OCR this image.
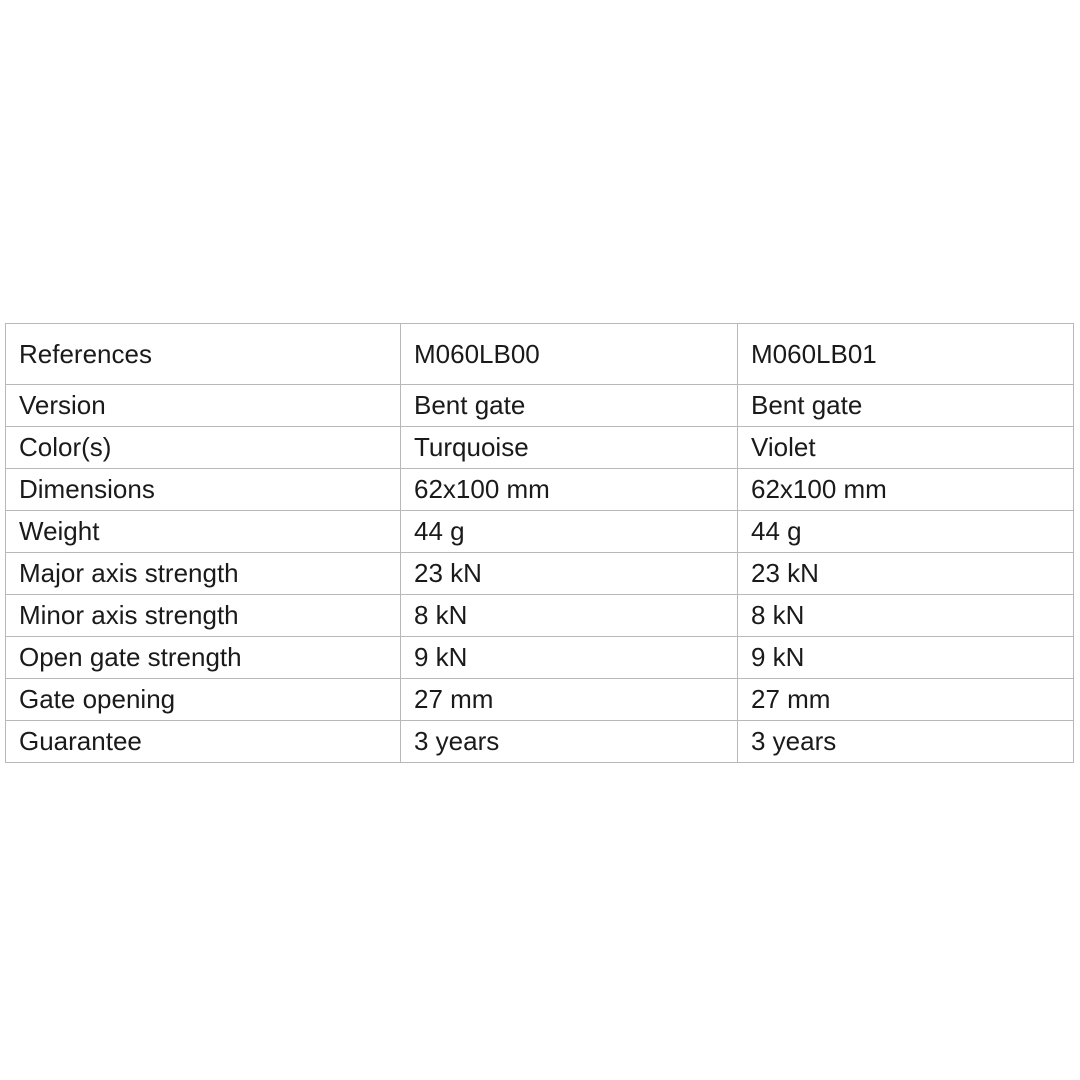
References	M060LB00	M060LB01
Version	Bent gate	Bent gate
Color(s)	Turquoise	Violet
Dimensions	62x100 mm	62x100 mm
Weight	44 g	44 g
Major axis strength	23 kN	23 kN
Minor axis strength	8 kN	8 kN
Open gate strength	9 kN	9 kN
Gate opening	27 mm	27 mm
Guarantee	3 years	3 years
